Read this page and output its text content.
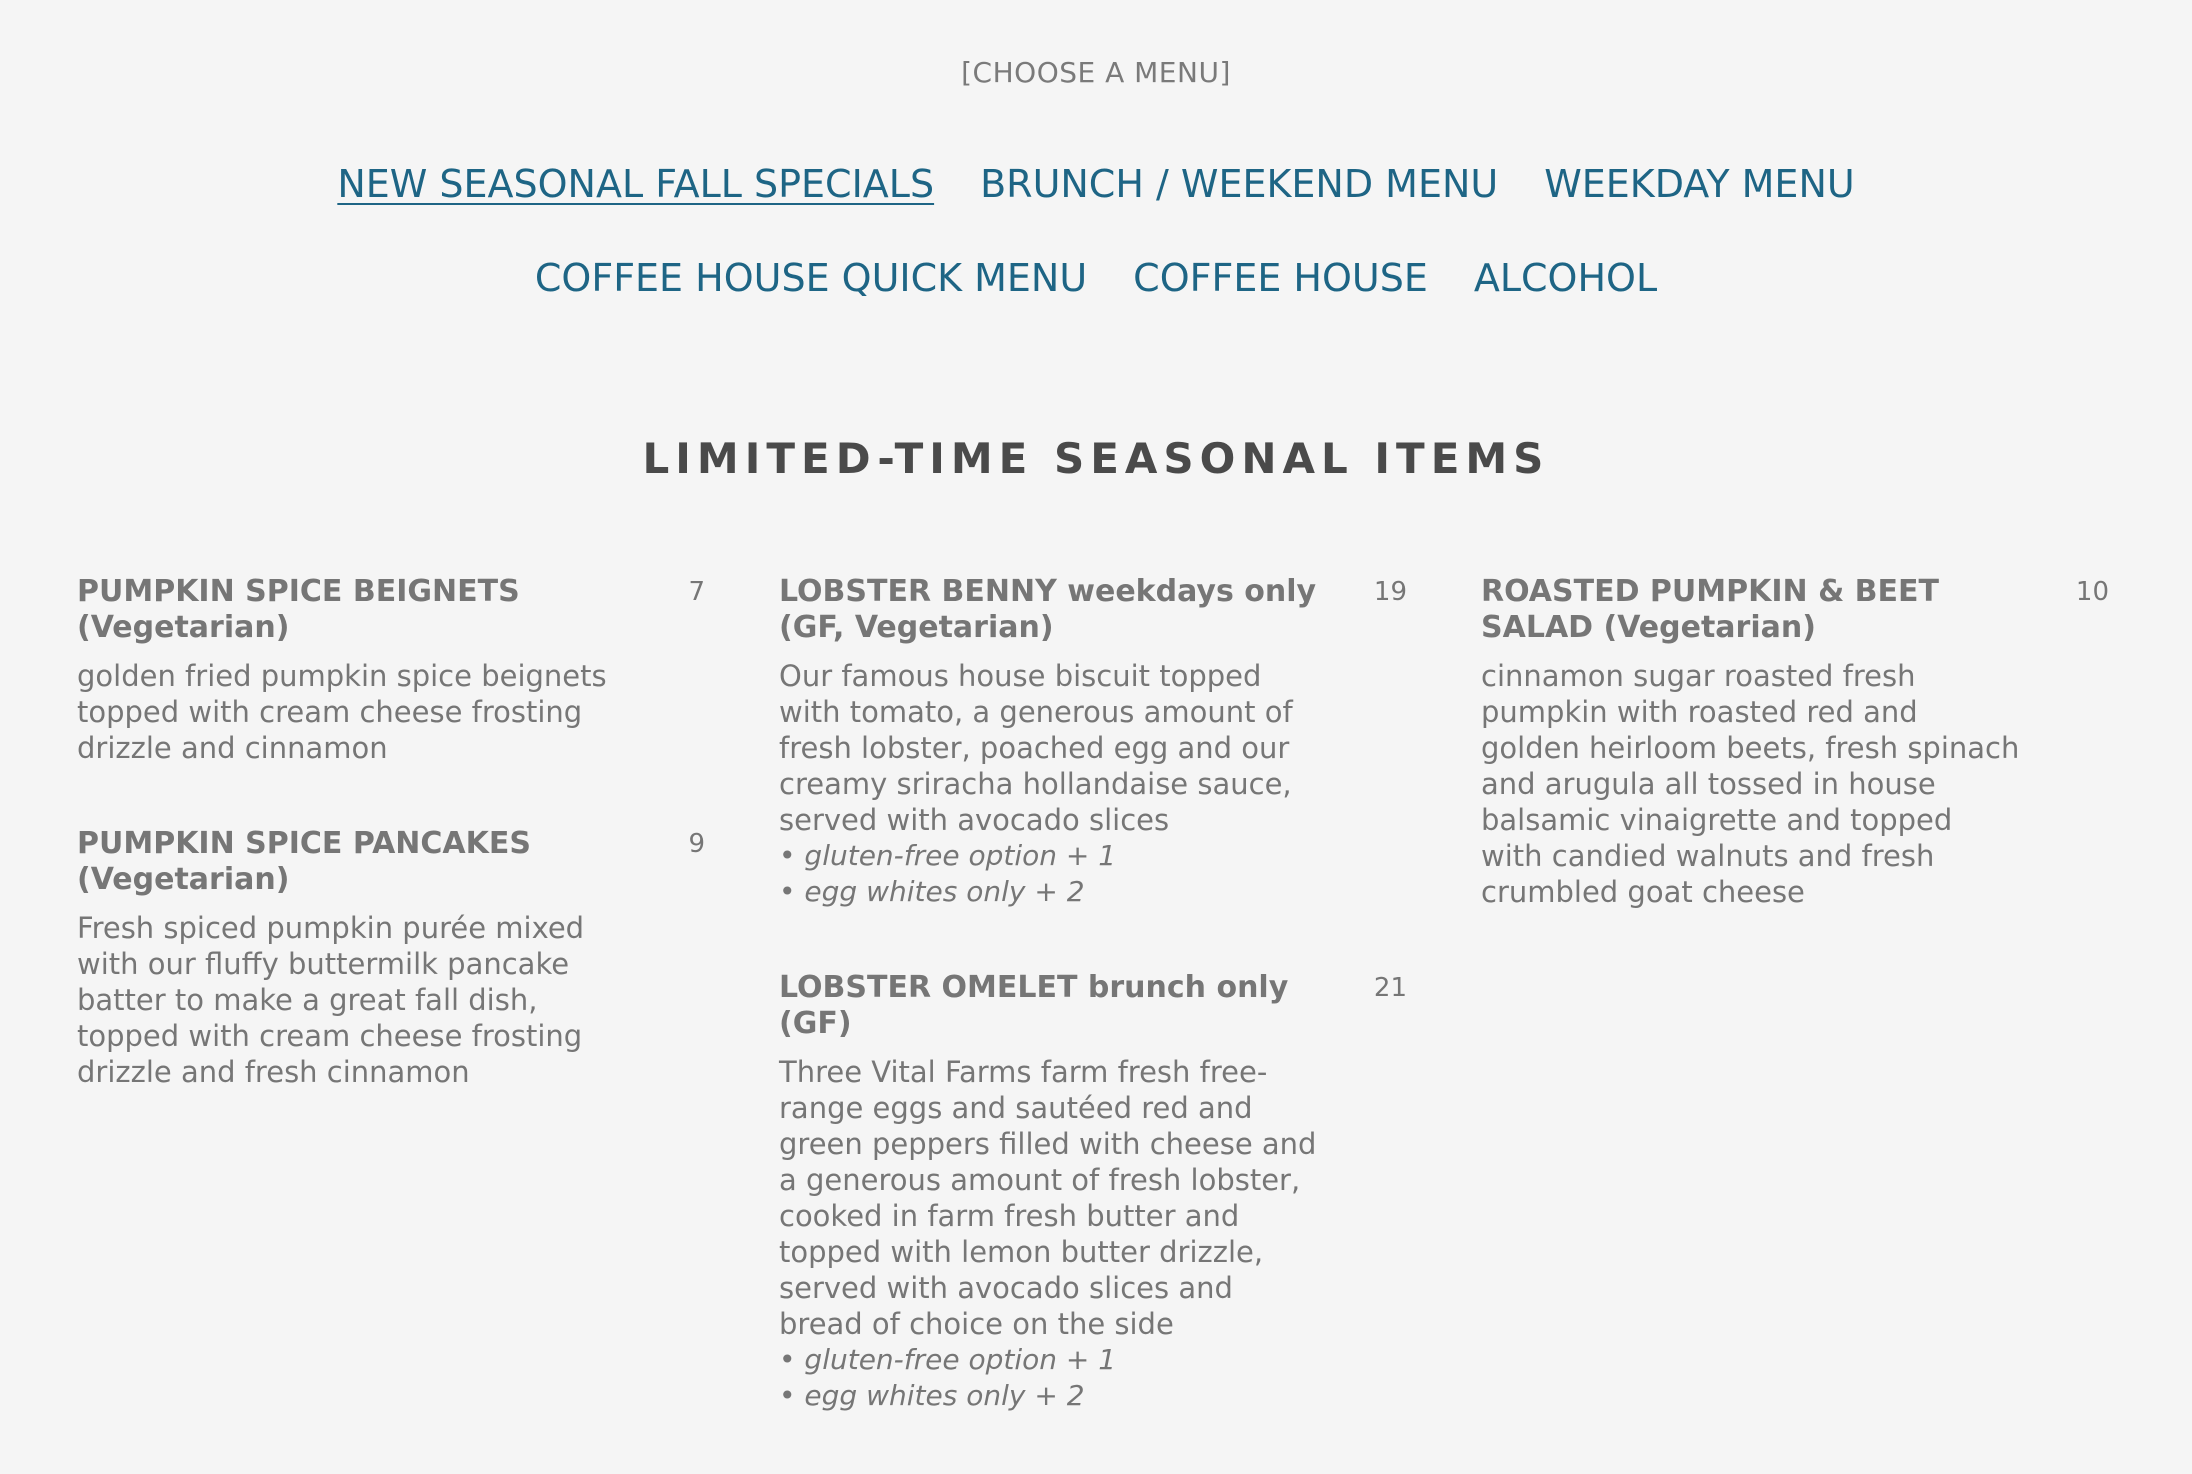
[CHOOSE A MENU]
NEW SEASONAL FALL SPECIALS BRUNCH / WEEKEND MENU WEEKDAY MENU
COFFEE HOUSE QUICK MENU COFFEE HOUSE ALCOHOL
LIMITED-TIME SEASONAL ITEMS
PUMPKIN SPICE BEIGNETS (Vegetarian)
7
golden fried pumpkin spice beignets topped with cream cheese frosting drizzle and cinnamon
PUMPKIN SPICE PANCAKES (Vegetarian)
9
Fresh spiced pumpkin purée mixed with our fluffy buttermilk pancake batter to make a great fall dish, topped with cream cheese frosting drizzle and fresh cinnamon
LOBSTER BENNY weekdays only (GF, Vegetarian)
19
Our famous house biscuit topped with tomato, a generous amount of fresh lobster, poached egg and our creamy sriracha hollandaise sauce, served with avocado slices
• gluten-free option + 1
• egg whites only + 2
LOBSTER OMELET brunch only (GF)
21
Three Vital Farms farm fresh free-range eggs and sautéed red and green peppers filled with cheese and a generous amount of fresh lobster, cooked in farm fresh butter and topped with lemon butter drizzle, served with avocado slices and bread of choice on the side
• gluten-free option + 1
• egg whites only + 2
ROASTED PUMPKIN & BEET SALAD (Vegetarian)
10
cinnamon sugar roasted fresh pumpkin with roasted red and golden heirloom beets, fresh spinach and arugula all tossed in house balsamic vinaigrette and topped with candied walnuts and fresh crumbled goat cheese
